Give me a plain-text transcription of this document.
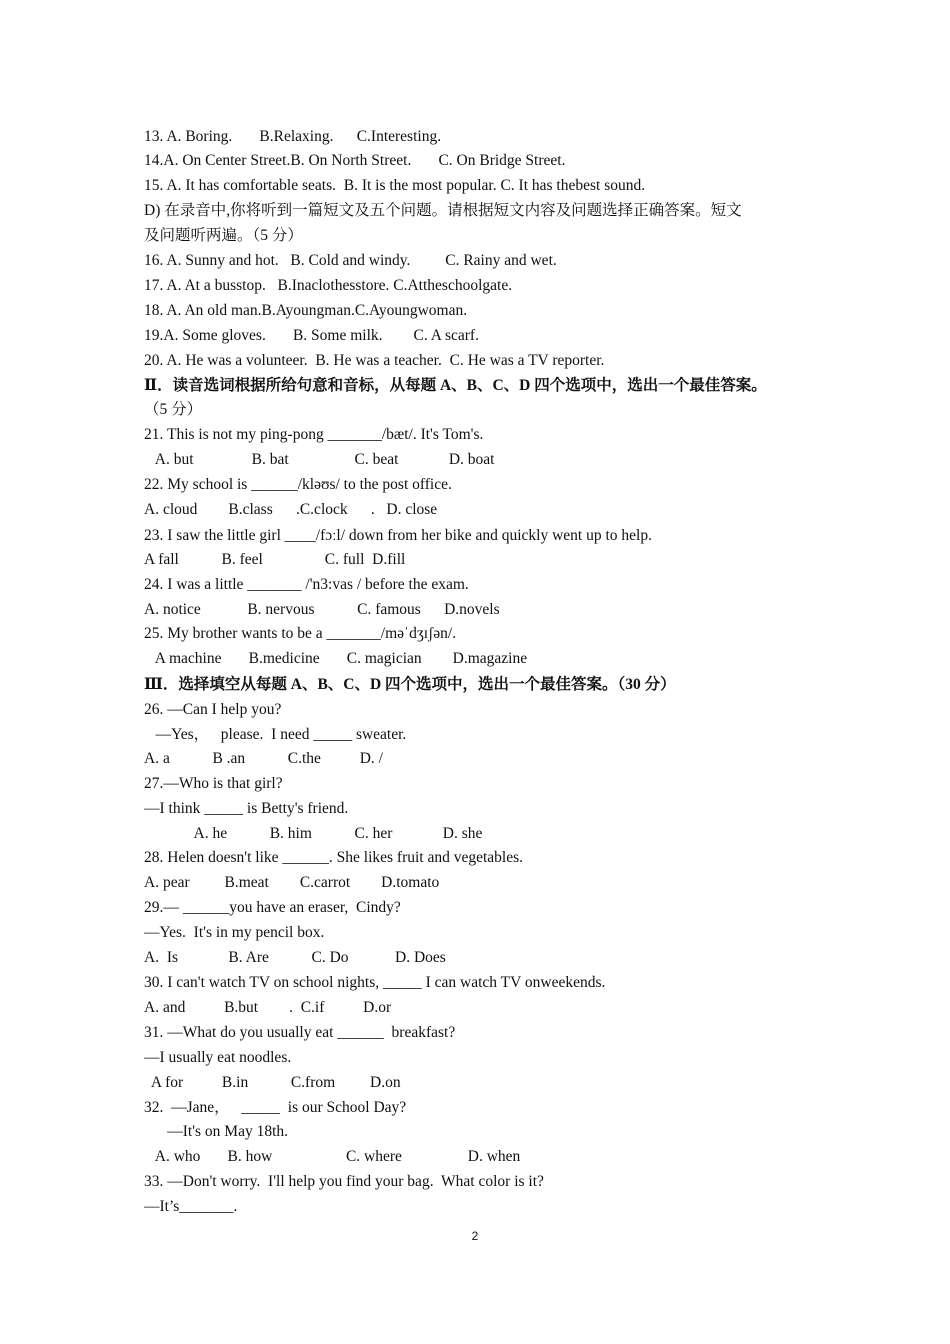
13. A. Boring.       B.Relaxing.      C.Interesting.

14.A. On Center Street.B. On North Street.       C. On Bridge Street.

15. A. It has comfortable seats.  B. It is the most popular. C. It has thebest sound.

D) 在录音中,你将听到一篇短文及五个问题。请根据短文内容及问题选择正确答案。短文

及问题听两遍。（5 分）

16. A. Sunny and hot.   B. Cold and windy.         C. Rainy and wet.

17. A. At a busstop.   B.Inaclothesstore. C.Attheschoolgate.

18. A. An old man.B.Ayoungman.C.Ayoungwoman.

19.A. Some gloves.       B. Some milk.        C. A scarf.

20. A. He was a volunteer.  B. He was a teacher.  C. He was a TV reporter.

Ⅱ．读音选词根据所给句意和音标，从每题 A、B、C、D 四个选项中，选出一个最佳答案。

（5 分）

21. This is not my ping-pong _______/bæt/. It's Tom's.

A. but               B. bat                 C. beat             D. boat

22. My school is ______/kləʊs/ to the post office.

A. cloud        B.class      .C.clock      .   D. close

23. I saw the little girl ____/fɔːl/ down from her bike and quickly went up to help.

A fall           B. feel                C. full  D.fill

24. I was a little _______ /'n3:vas / before the exam.

A. notice            B. nervous           C. famous      D.novels

25. My brother wants to be a _______/məˈdʒɪʃən/.

A machine       B.medicine       C. magician        D.magazine

Ⅲ．选择填空从每题 A、B、C、D 四个选项中，选出一个最佳答案。（30 分）

26. —Can I help you?

—Yes，   please.  I need _____ sweater.

A. a           B .an           C.the          D. /

27.—Who is that girl?

—I think _____ is Betty's friend.

A. he           B. him           C. her             D. she

28. Helen doesn't like ______. She likes fruit and vegetables.

A. pear         B.meat        C.carrot        D.tomato

29.— ______you have an eraser,  Cindy?

—Yes.  It's in my pencil box.

A.  Is             B. Are           C. Do            D. Does

30. I can't watch TV on school nights, _____ I can watch TV onweekends.

A. and          B.but        .  C.if          D.or

31. —What do you usually eat ______  breakfast?

—I usually eat noodles.

A for          B.in           C.from         D.on

32.  —Jane，   _____  is our School Day?

—It's on May 18th.

A. who       B. how                   C. where                 D. when

33. —Don't worry.  I'll help you find your bag.  What color is it?

—It’s_______.

2
